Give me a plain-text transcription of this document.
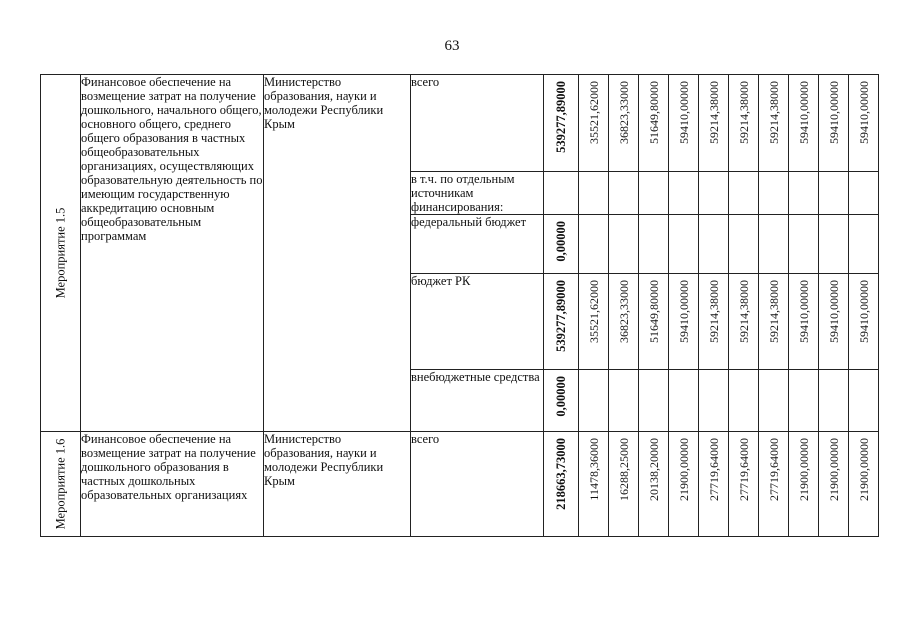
63
Мероприятие 1.5	Финансовое обеспечение на возмещение затрат на получение дошкольного, начального общего, основного общего, среднего общего образования в частных общеобразовательных организациях, осуществляющих образовательную деятельность по имеющим государственную аккредитацию основным общеобразовательным программам	Министерство образования, науки и молодежи Республики Крым	всего	539277,89000	35521,62000	36823,33000	51649,80000	59410,00000	59214,38000	59214,38000	59214,38000	59410,00000	59410,00000	59410,00000

			в т.ч. по отдельным источникам финансирования:	

			федеральный бюджет	0,00000										

			бюджет РК	539277,89000	35521,62000	36823,33000	51649,80000	59410,00000	59214,38000	59214,38000	59214,38000	59410,00000	59410,00000	59410,00000

			внебюджетные средства	0,00000										

Мероприятие 1.6	Финансовое обеспечение на возмещение затрат на получение дошкольного образования в частных дошкольных образовательных организациях	Министерство образования, науки и молодежи Республики Крым	всего	218663,73000	11478,36000	16288,25000	20138,20000	21900,00000	27719,64000	27719,64000	27719,64000	21900,00000	21900,00000	21900,00000
